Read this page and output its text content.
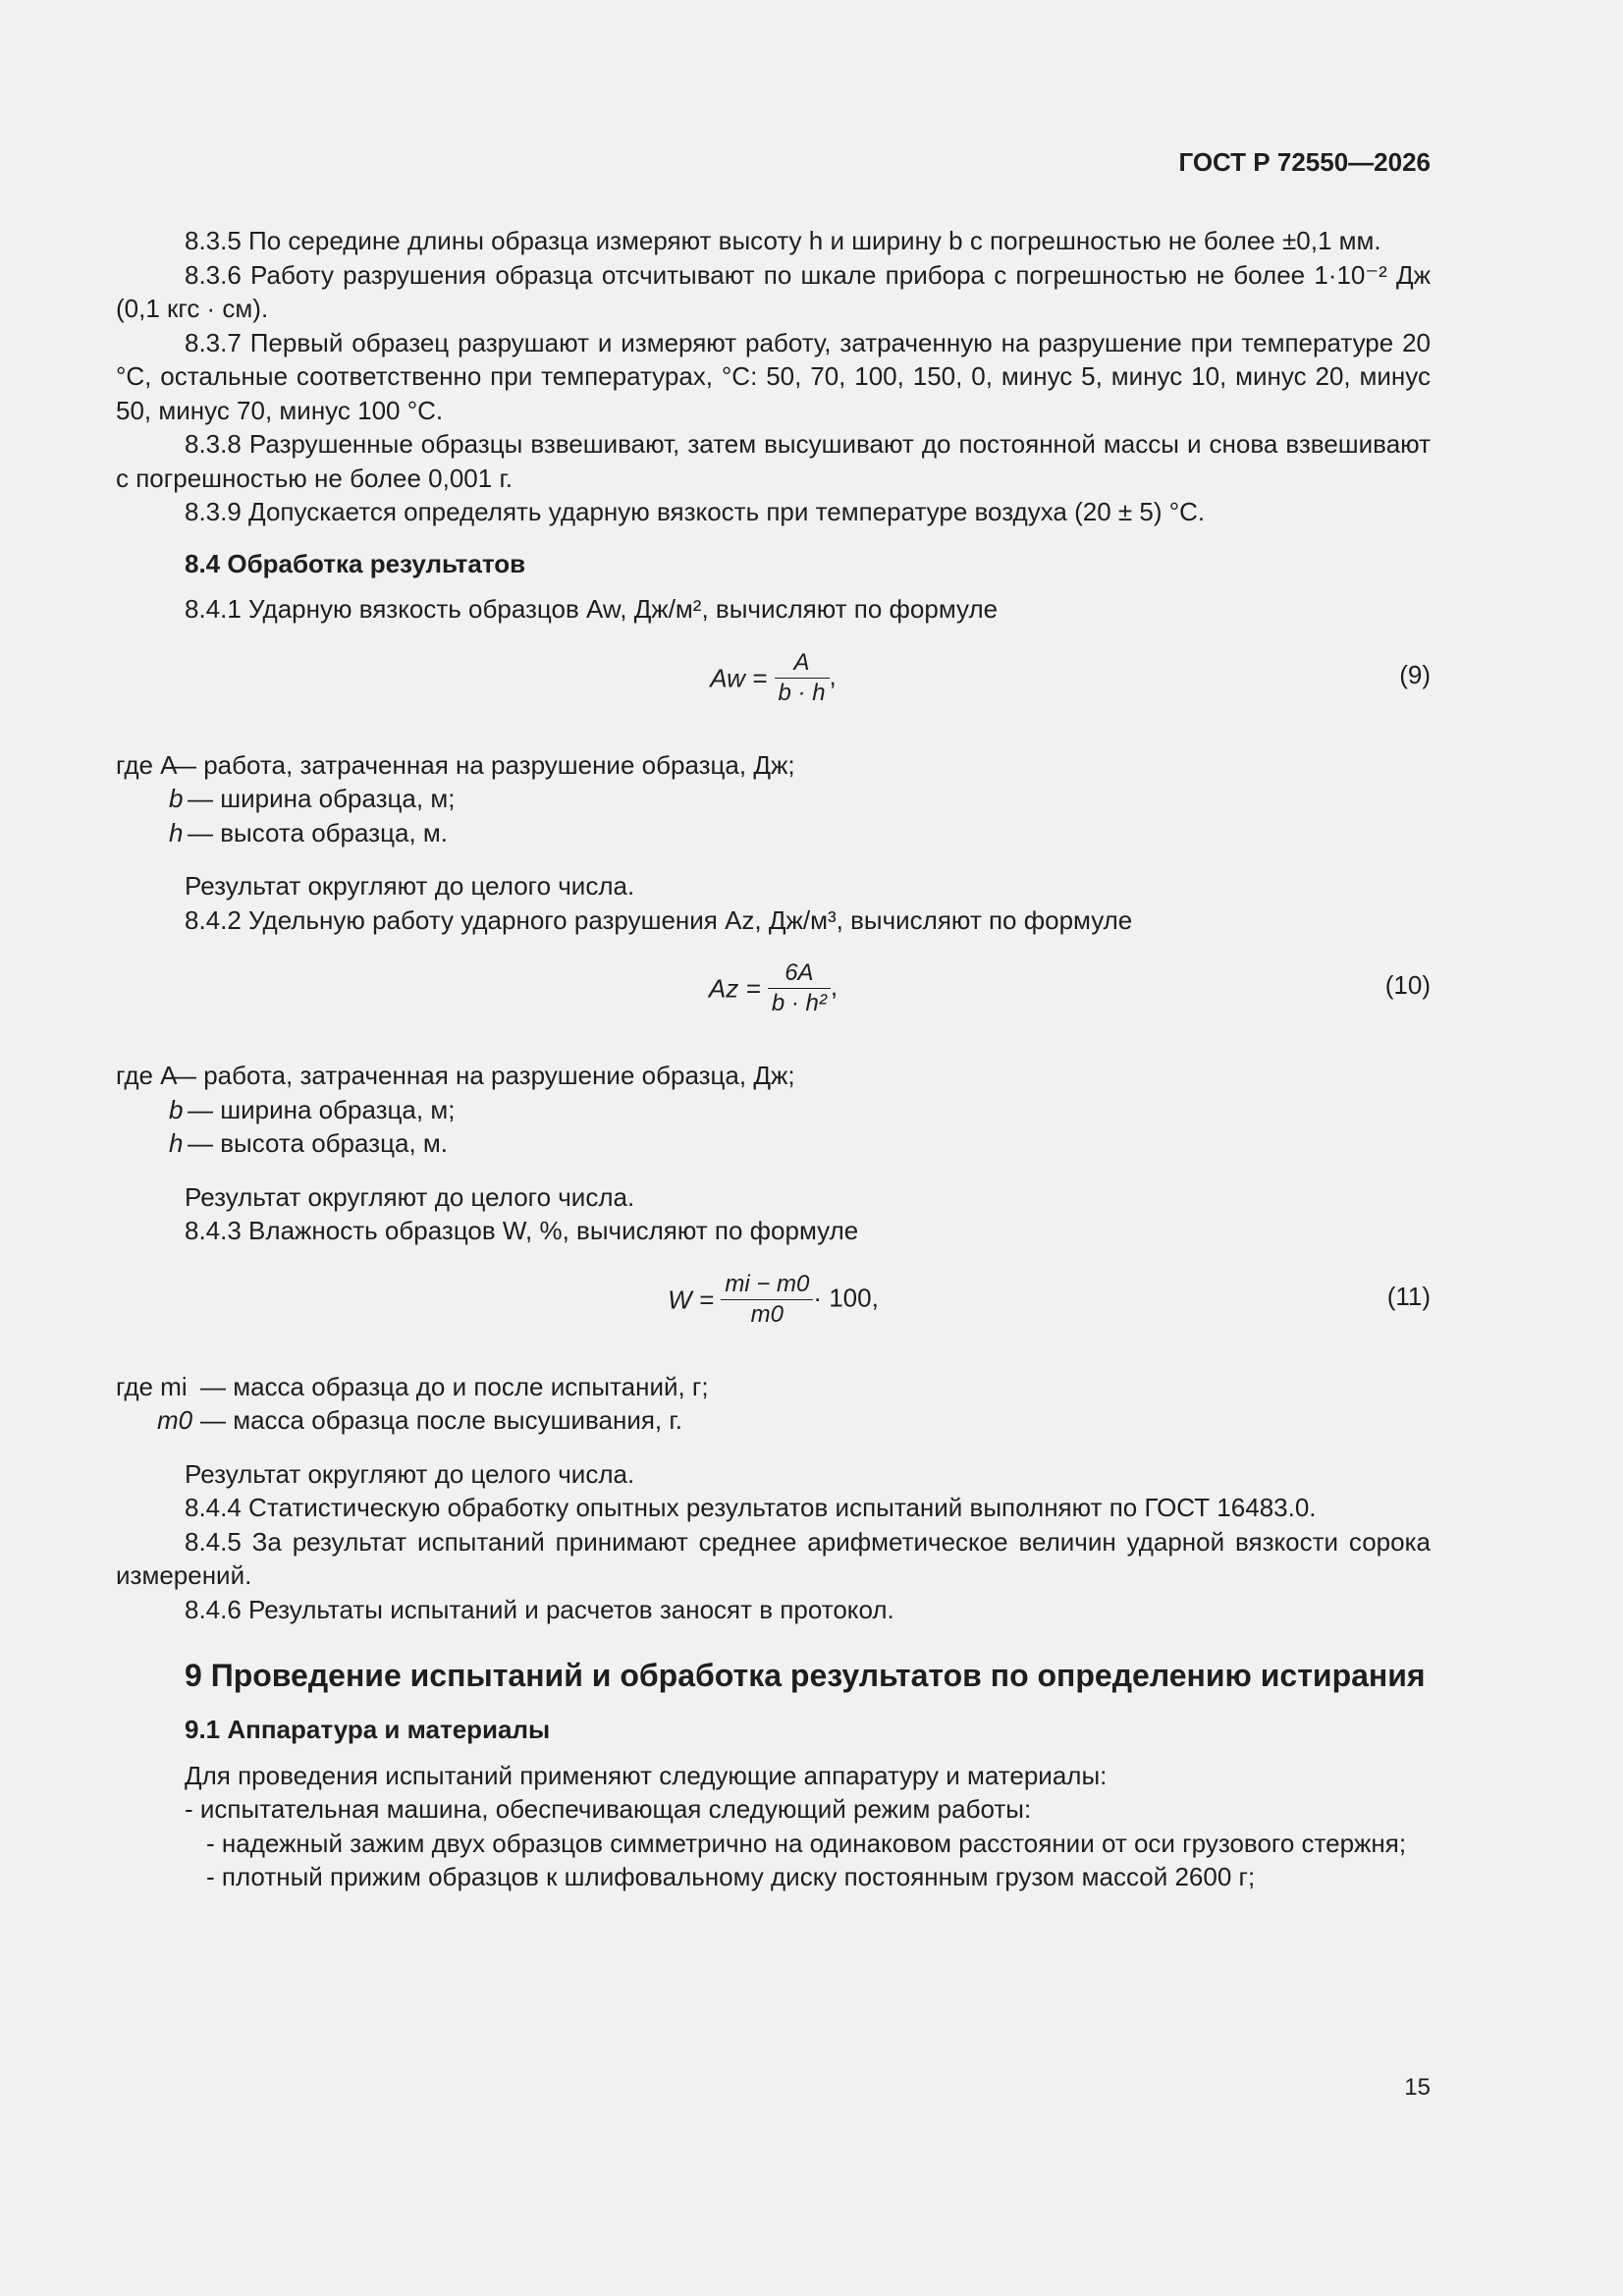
ГОСТ Р 72550—2026

8.3.5 По середине длины образца измеряют высоту h и ширину b с погрешностью не более ±0,1 мм.

8.3.6 Работу разрушения образца отсчитывают по шкале прибора с погрешностью не более 1·10⁻² Дж (0,1 кгс · см).

8.3.7 Первый образец разрушают и измеряют работу, затраченную на разрушение при температуре 20 °С, остальные соответственно при температурах, °С: 50, 70, 100, 150, 0, минус 5, минус 10, минус 20, минус 50, минус 70, минус 100 °С.

8.3.8 Разрушенные образцы взвешивают, затем высушивают до постоянной массы и снова взвешивают с погрешностью не более 0,001 г.

8.3.9 Допускается определять ударную вязкость при температуре воздуха (20 ± 5) °С.

8.4 Обработка результатов

8.4.1 Ударную вязкость образцов Aw, Дж/м², вычисляют по формуле

$Aw = \frac{A}{b \cdot h}$ ,	(9)
где A
— работа, затраченная на разрушение образца, Дж;
b — ширина образца, м;
h — высота образца, м.

Результат округляют до целого числа.

8.4.2 Удельную работу ударного разрушения Az, Дж/м³, вычисляют по формуле

$Az = \frac{6A}{\text{b · h²}}$ ,	(10)
где A
— работа, затраченная на разрушение образца, Дж;
b — ширина образца, м;
h — высота образца, м.

Результат округляют до целого числа.

8.4.3 Влажность образцов W, %, вычисляют по формуле

$W = \frac{mi - m0}{m0} \cdot 100$,	(11)
где mi — масса образца до и после испытаний, г;
m0 — масса образца после высушивания, г.

Результат округляют до целого числа.

8.4.4 Статистическую обработку опытных результатов испытаний выполняют по ГОСТ 16483.0.

8.4.5 За результат испытаний принимают среднее арифметическое величин ударной вязкости сорока измерений.

8.4.6 Результаты испытаний и расчетов заносят в протокол.

9 Проведение испытаний и обработка результатов по определению истирания
9.1 Аппаратура и материалы

Для проведения испытаний применяют следующие аппаратуру и материалы:

- испытательная машина, обеспечивающая следующий режим работы:

- надежный зажим двух образцов симметрично на одинаковом расстоянии от оси грузового стержня;

- плотный прижим образцов к шлифовальному диску постоянным грузом массой 2600 г;

15
